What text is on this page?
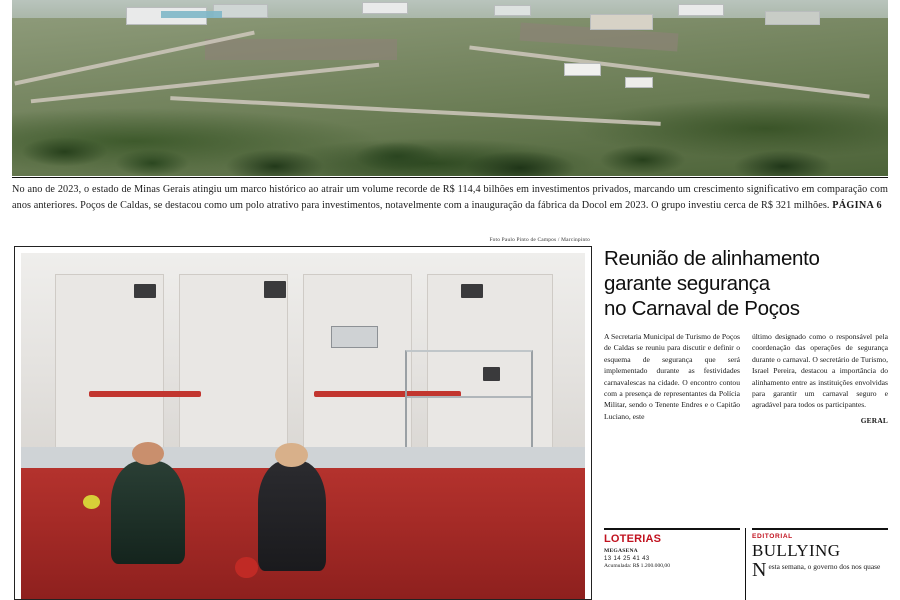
No ano de 2023, o estado de Minas Gerais atingiu um marco histórico ao atrair um volume recorde de R$ 114,4 bilhões em investimentos privados, marcando um crescimento significativo em comparação com anos anteriores. Poços de Caldas, se destacou como um polo atrativo para investimentos, notavelmente com a inauguração da fábrica da Docol em 2023. O grupo investiu cerca de R$ 321 milhões. PÁGINA 6
Foto Paulo Pinto de Campos / Marcinpinto
Reunião de alinhamento
garante segurança
no Carnaval de Poços
A Secretaria Municipal de Turismo de Poços de Caldas se reuniu para discutir e definir o esquema de segurança que será implementado durante as festividades carnavalescas na cidade. O encontro contou com a presença de representantes da Polícia Militar, sendo o Tenente Endres e o Capitão Luciano, este
último designado como o responsável pela coordenação das operações de segurança durante o carnaval. O secretário de Turismo, Israel Pereira, destacou a importância do alinhamento entre as instituições envolvidas para garantir um carnaval seguro e agradável para todos os participantes.
GERAL
LOTERIAS
MEGASENA
13 14 25 41 43
Acumulada: R$ 1.200.000,00
EDITORIAL
BULLYING
Nesta semana, o governo dos nos quase
